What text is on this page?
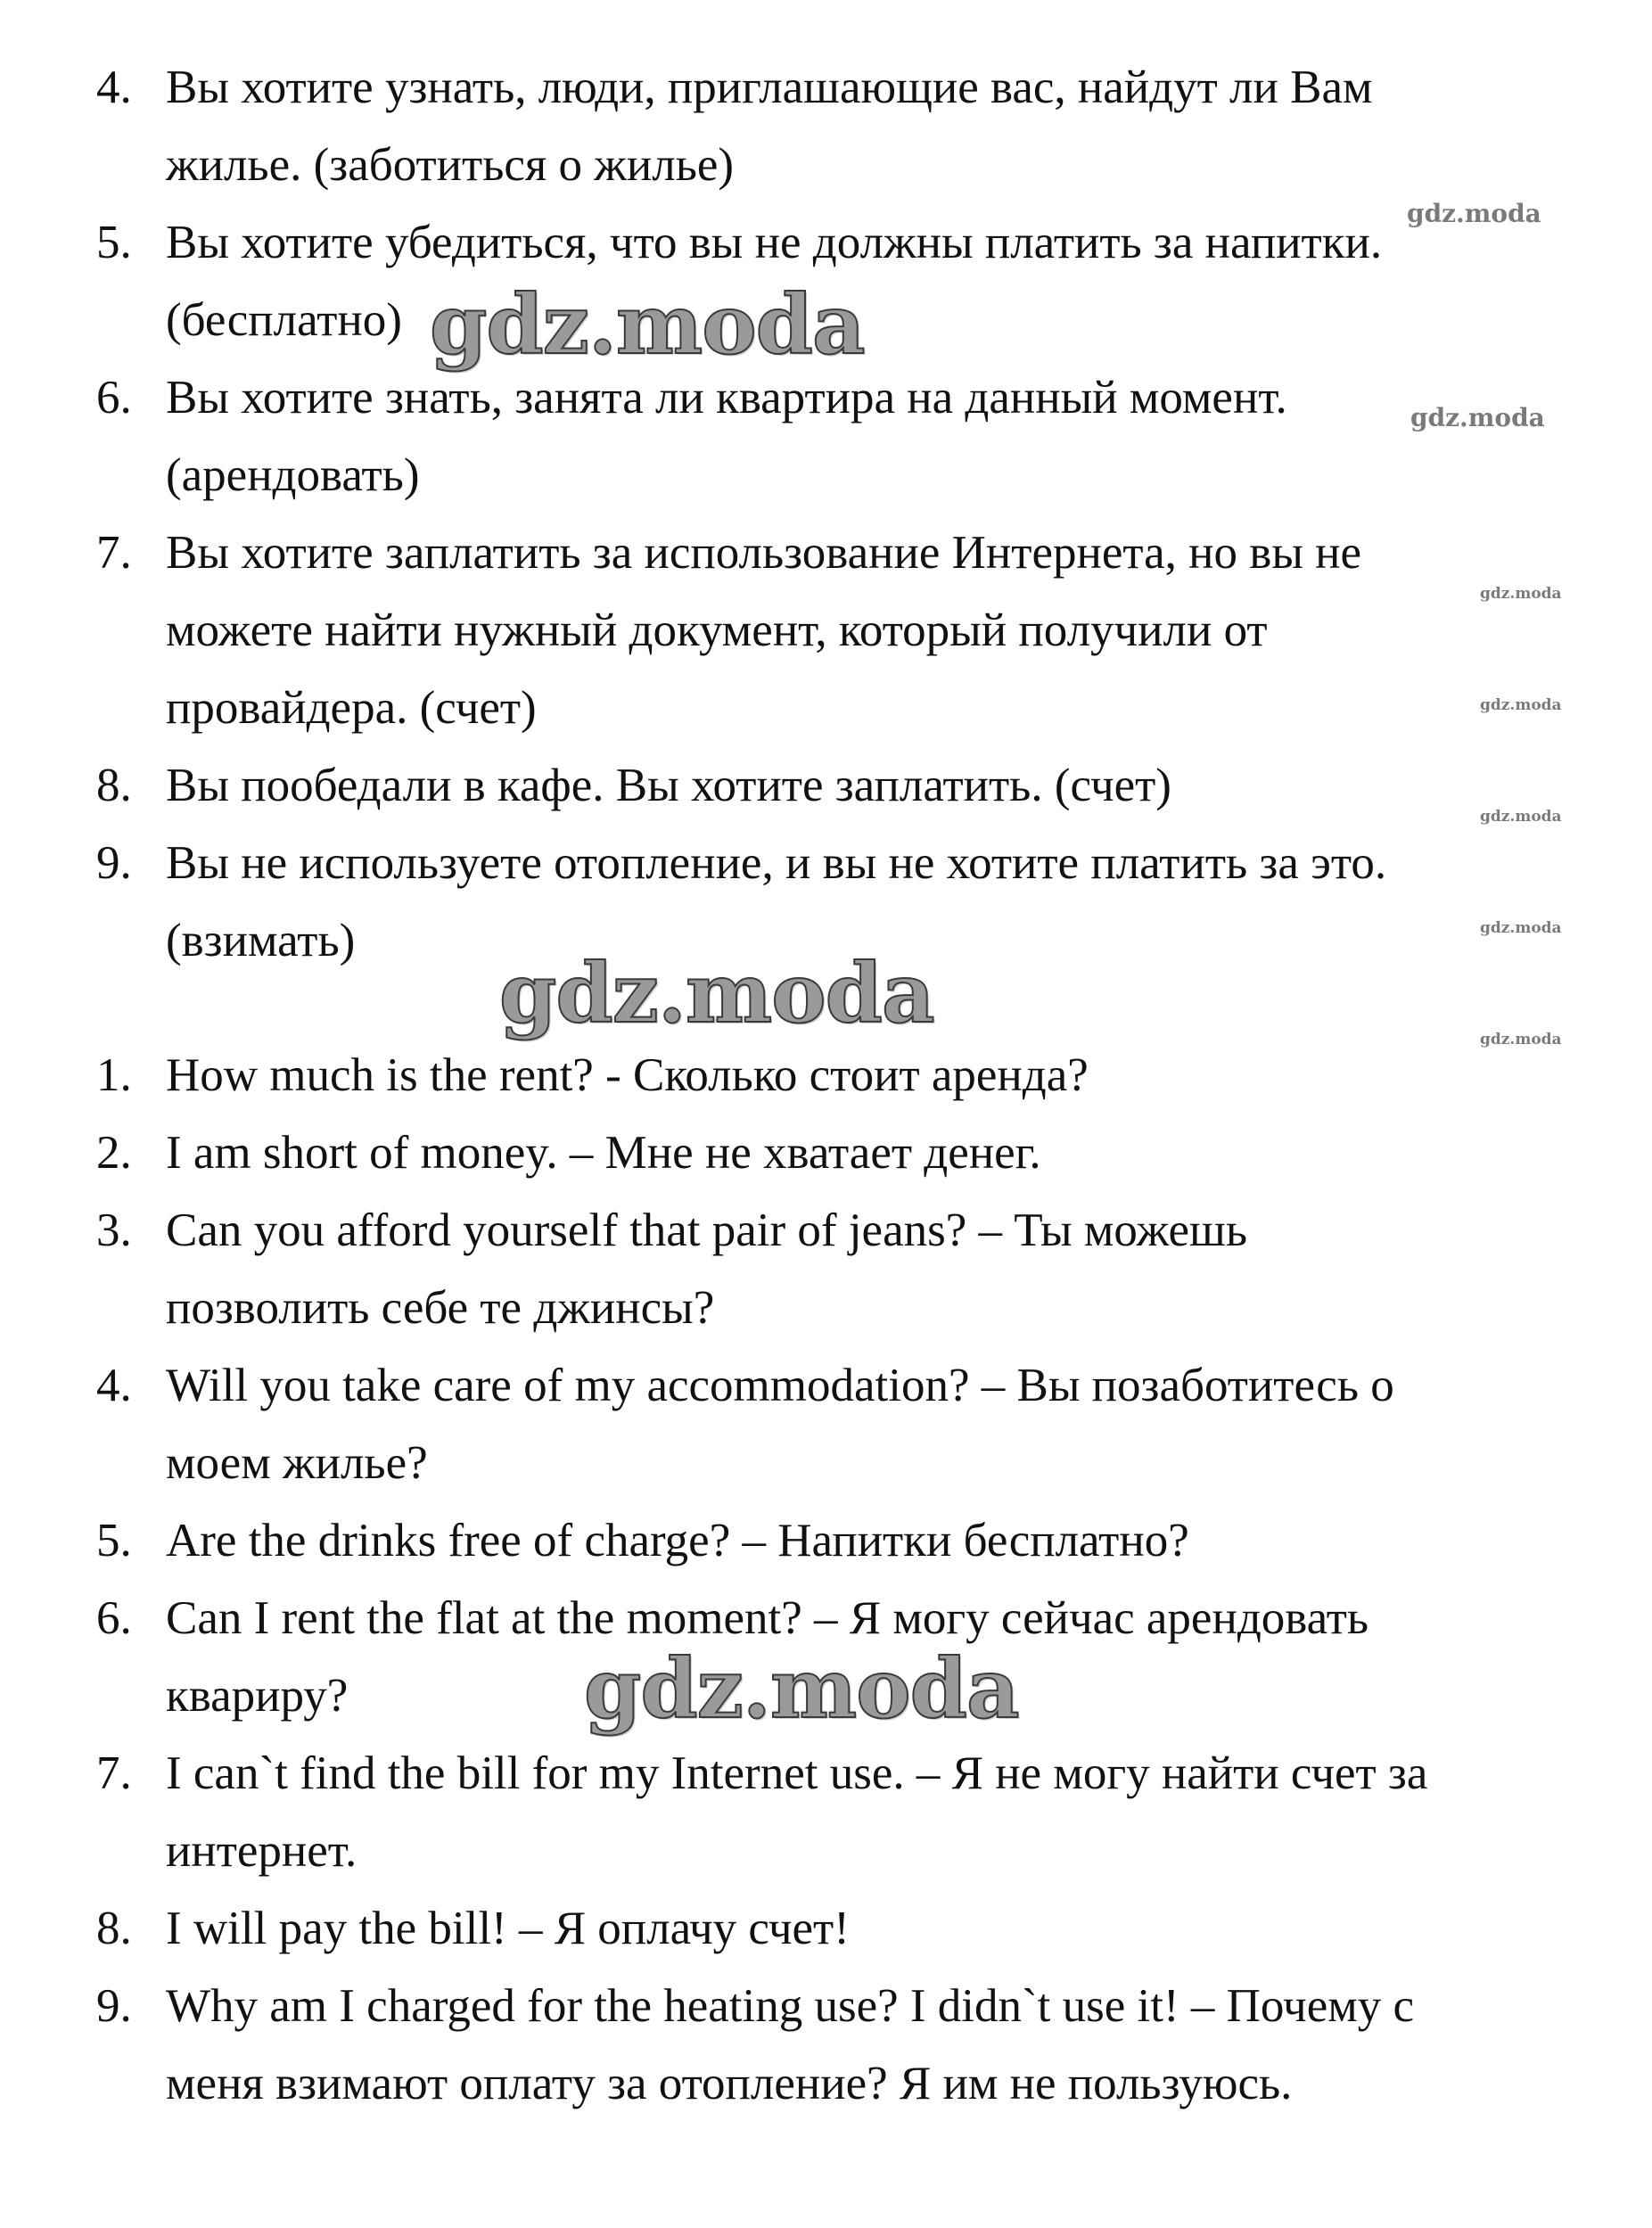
4. Вы хотите узнать, люди, приглашающие вас, найдут ли Вам
жилье. (заботиться о жилье)
5. Вы хотите убедиться, что вы не должны платить за напитки.
(бесплатно)
6. Вы хотите знать, занята ли квартира на данный момент.
(арендовать)
7. Вы хотите заплатить за использование Интернета, но вы не
можете найти нужный документ, который получили от
провайдера. (счет)
8. Вы пообедали в кафе. Вы хотите заплатить. (счет)
9. Вы не используете отопление, и вы не хотите платить за это.
(взимать)
1. How much is the rent? - Сколько стоит аренда?
2. I am short of money. – Мне не хватает денег.
3. Can you afford yourself that pair of jeans? – Ты можешь
позволить себе те джинсы?
4. Will you take care of my accommodation? – Вы позаботитесь о
моем жилье?
5. Are the drinks free of charge? – Напитки бесплатно?
6. Can I rent the flat at the moment? – Я могу сейчас арендовать
квариру?
7. I can`t find the bill for my Internet use. – Я не могу найти счет за
интернет.
8. I will pay the bill! – Я оплачу счет!
9. Why am I charged for the heating use? I didn`t use it! – Почему с
меня взимают оплату за отопление? Я им не пользуюсь.
gdz.moda
gdz.moda
gdz.moda
gdz.moda
gdz.moda
gdz.moda
gdz.moda
gdz.moda
gdz.moda
gdz.moda
